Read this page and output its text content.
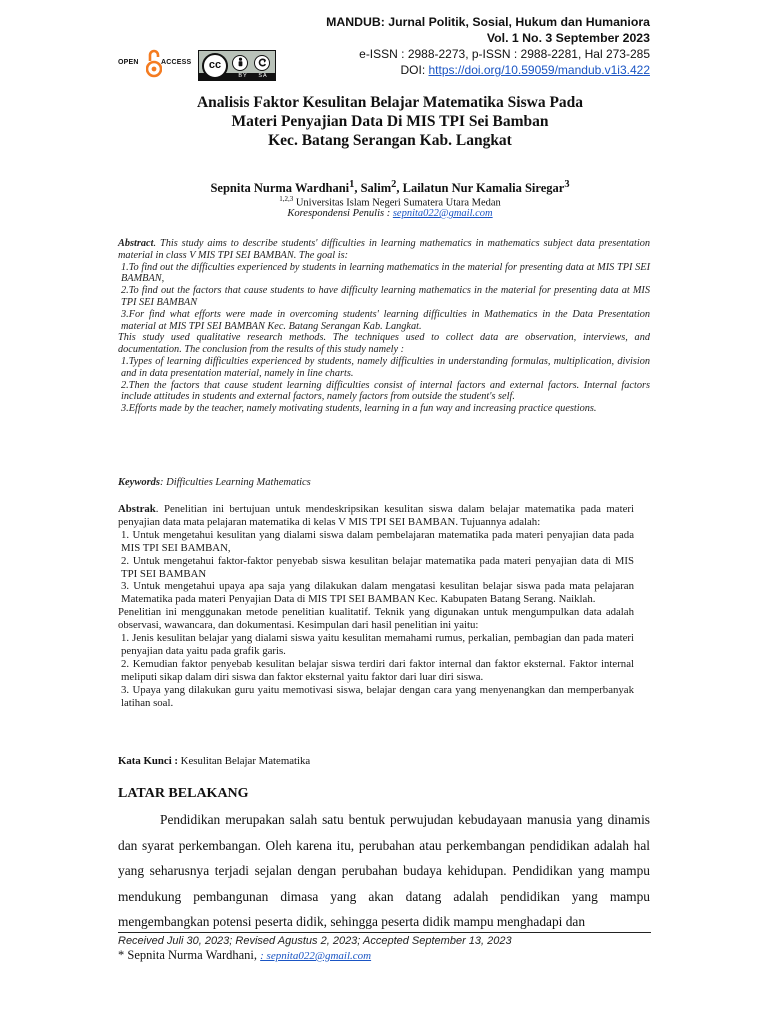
MANDUB: Jurnal Politik, Sosial, Hukum dan Humaniora
Vol. 1 No. 3 September 2023
e-ISSN : 2988-2273, p-ISSN : 2988-2281, Hal 273-285
DOI: https://doi.org/10.59059/mandub.v1i3.422
OPEN	ACCESS	cc
BY SA
Analisis Faktor Kesulitan Belajar Matematika Siswa Pada
Materi Penyajian Data Di MIS TPI Sei Bamban
Kec. Batang Serangan Kab. Langkat
Sepnita Nurma Wardhani$^1$, Salim$^2$, Lailatun Nur Kamalia Siregar$^3$
$^{1,2,3}$ Universitas Islam Negeri Sumatera Utara Medan
Korespondensi Penulis : sepnita022@gmail.com

Abstract. This study aims to describe students' difficulties in learning mathematics in mathematics subject data presentation material in class V MIS TPI SEI BAMBAN. The goal is:

1.To find out the difficulties experienced by students in learning mathematics in the material for presenting data at MIS TPI SEI BAMBAN,

2.To find out the factors that cause students to have difficulty learning mathematics in the material for presenting data at MIS TPI SEI BAMBAN

3.For find what efforts were made in overcoming students' learning difficulties in Mathematics in the Data Presentation material at MIS TPI SEI BAMBAN Kec. Batang Serangan Kab. Langkat.

This study used qualitative research methods. The techniques used to collect data are observation, interviews, and documentation. The conclusion from the results of this study namely :

1.Types of learning difficulties experienced by students, namely difficulties in understanding formulas, multiplication, division and in data presentation material, namely in line charts.

2.Then the factors that cause student learning difficulties consist of internal factors and external factors. Internal factors include attitudes in students and external factors, namely factors from outside the student's self.

3.Efforts made by the teacher, namely motivating students, learning in a fun way and increasing practice questions.

Keywords: Difficulties Learning Mathematics

Abstrak. Penelitian ini bertujuan untuk mendeskripsikan kesulitan siswa dalam belajar matematika pada materi penyajian data mata pelajaran matematika di kelas V MIS TPI SEI BAMBAN. Tujuannya adalah:

1. Untuk mengetahui kesulitan yang dialami siswa dalam pembelajaran matematika pada materi penyajian data pada MIS TPI SEI BAMBAN,

2. Untuk mengetahui faktor-faktor penyebab siswa kesulitan belajar matematika pada materi penyajian data di MIS TPI SEI BAMBAN

3. Untuk mengetahui upaya apa saja yang dilakukan dalam mengatasi kesulitan belajar siswa pada mata pelajaran Matematika pada materi Penyajian Data di MIS TPI SEI BAMBAN Kec. Kabupaten Batang Serang. Naiklah.

Penelitian ini menggunakan metode penelitian kualitatif. Teknik yang digunakan untuk mengumpulkan data adalah observasi, wawancara, dan dokumentasi. Kesimpulan dari hasil penelitian ini yaitu:

1. Jenis kesulitan belajar yang dialami siswa yaitu kesulitan memahami rumus, perkalian, pembagian dan pada materi penyajian data yaitu pada grafik garis.

2. Kemudian faktor penyebab kesulitan belajar siswa terdiri dari faktor internal dan faktor eksternal. Faktor internal meliputi sikap dalam diri siswa dan faktor eksternal yaitu faktor dari luar diri siswa.

3. Upaya yang dilakukan guru yaitu memotivasi siswa, belajar dengan cara yang menyenangkan dan memperbanyak latihan soal.

Kata Kunci : Kesulitan Belajar Matematika
LATAR BELAKANG

Pendidikan merupakan salah satu bentuk perwujudan kebudayaan manusia yang dinamis dan syarat perkembangan. Oleh karena itu, perubahan atau perkembangan pendidikan adalah hal yang seharusnya terjadi sejalan dengan perubahan budaya kehidupan. Pendidikan yang mampu mendukung pembangunan dimasa yang akan datang adalah pendidikan yang mampu mengembangkan potensi peserta didik, sehingga peserta didik mampu menghadapi dan

Received Juli 30, 2023; Revised Agustus 2, 2023; Accepted September 13, 2023
* Sepnita Nurma Wardhani, : sepnita022@gmail.com
